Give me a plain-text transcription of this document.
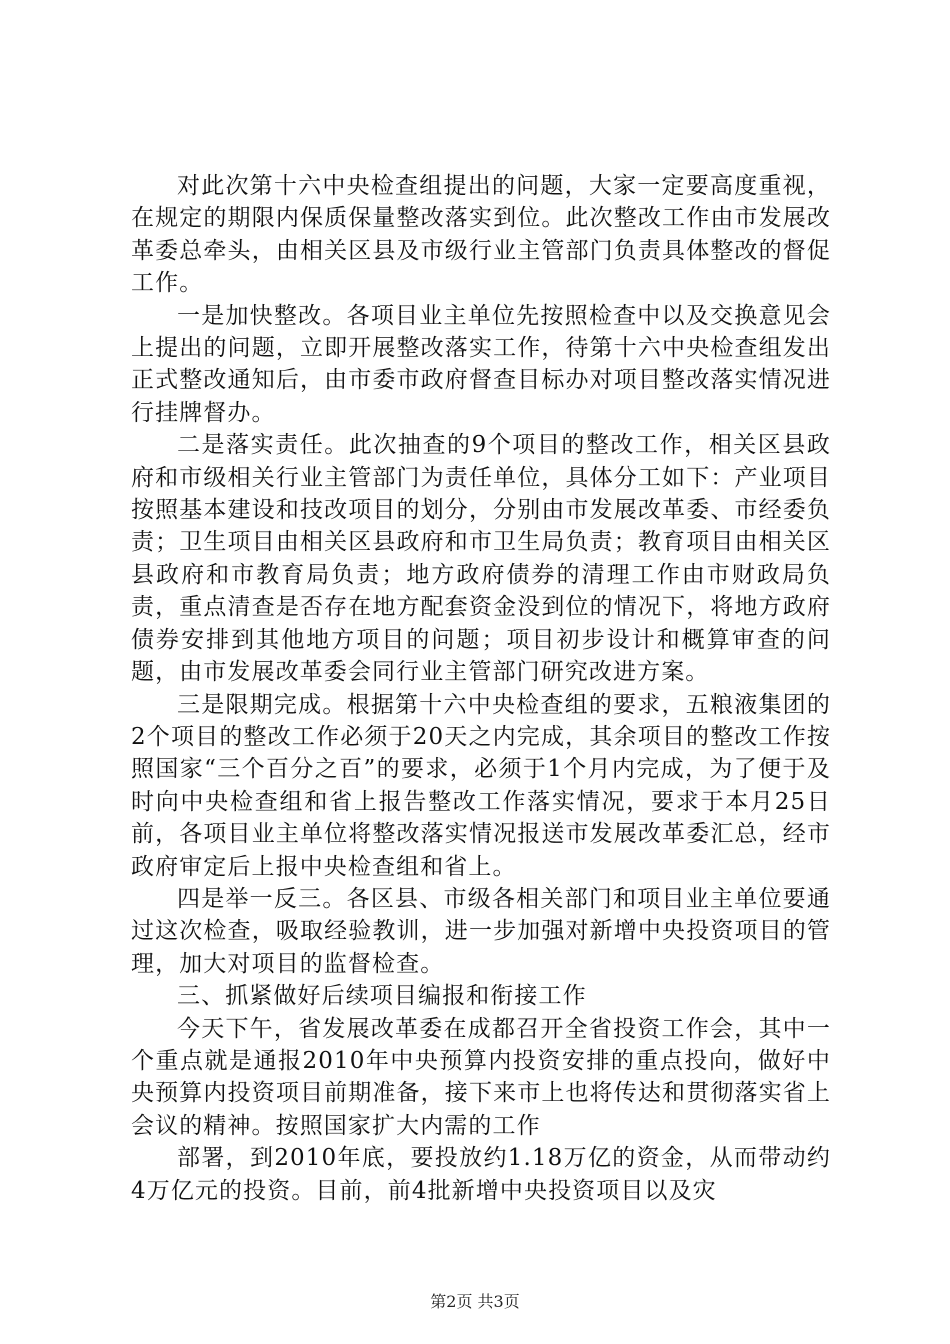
对此次第十六中央检查组提出的问题，大家一定要高度重视，在规定的期限内保质保量整改落实到位。此次整改工作由市发展改革委总牵头，由相关区县及市级行业主管部门负责具体整改的督促工作。

一是加快整改。各项目业主单位先按照检查中以及交换意见会上提出的问题，立即开展整改落实工作，待第十六中央检查组发出正式整改通知后，由市委市政府督查目标办对项目整改落实情况进行挂牌督办。

二是落实责任。此次抽查的9个项目的整改工作，相关区县政府和市级相关行业主管部门为责任单位，具体分工如下：产业项目按照基本建设和技改项目的划分，分别由市发展改革委、市经委负责；卫生项目由相关区县政府和市卫生局负责；教育项目由相关区县政府和市教育局负责；地方政府债券的清理工作由市财政局负责，重点清查是否存在地方配套资金没到位的情况下，将地方政府债券安排到其他地方项目的问题；项目初步设计和概算审查的问题，由市发展改革委会同行业主管部门研究改进方案。

三是限期完成。根据第十六中央检查组的要求，五粮液集团的2个项目的整改工作必须于20天之内完成，其余项目的整改工作按照国家“三个百分之百”的要求，必须于1个月内完成，为了便于及时向中央检查组和省上报告整改工作落实情况，要求于本月25日前，各项目业主单位将整改落实情况报送市发展改革委汇总，经市政府审定后上报中央检查组和省上。

四是举一反三。各区县、市级各相关部门和项目业主单位要通过这次检查，吸取经验教训，进一步加强对新增中央投资项目的管理，加大对项目的监督检查。

三、抓紧做好后续项目编报和衔接工作

今天下午，省发展改革委在成都召开全省投资工作会，其中一个重点就是通报2010年中央预算内投资安排的重点投向，做好中央预算内投资项目前期准备，接下来市上也将传达和贯彻落实省上会议的精神。按照国家扩大内需的工作

部署，到2010年底，要投放约1.18万亿的资金，从而带动约4万亿元的投资。目前，前4批新增中央投资项目以及灾

第2页 共3页
